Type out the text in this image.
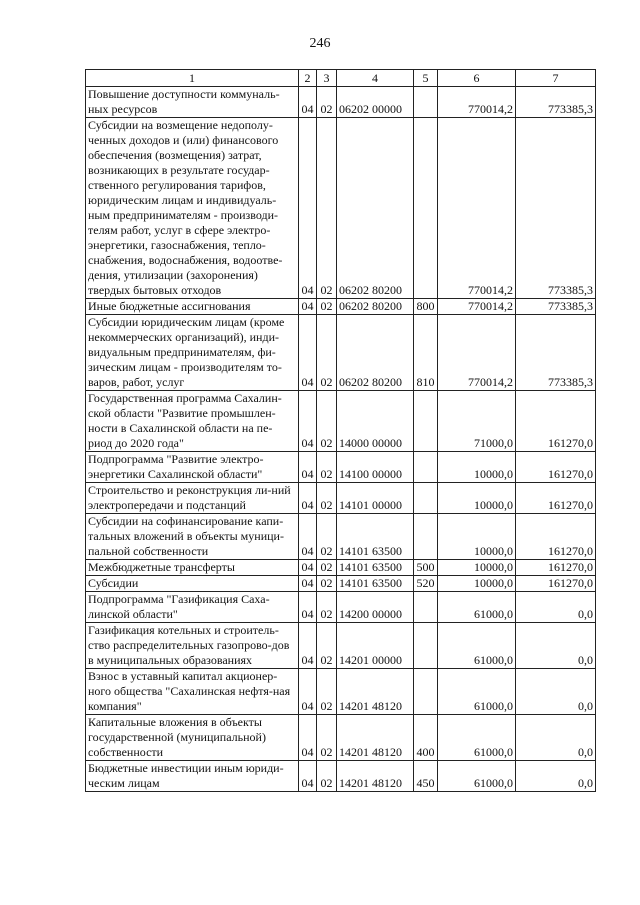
246
1	2	3	4	5	6	7
Повышение доступности коммуналь-ных ресурсов	04	02	06202 00000		770014,2	773385,3
Субсидии на возмещение недополу-ченных доходов и (или) финансового обеспечения (возмещения) затрат, возникающих в результате государ-ственного регулирования тарифов, юридическим лицам и индивидуаль-ным предпринимателям - производи-телям работ, услуг в сфере электро-энергетики, газоснабжения, тепло-снабжения, водоснабжения, водоотве-дения, утилизации (захоронения) твердых бытовых отходов	04	02	06202 80200		770014,2	773385,3
Иные бюджетные ассигнования	04	02	06202 80200	800	770014,2	773385,3
Субсидии юридическим лицам (кроме некоммерческих организаций), инди-видуальным предпринимателям, фи-зическим лицам - производителям то-варов, работ, услуг	04	02	06202 80200	810	770014,2	773385,3
Государственная программа Сахалин-ской области "Развитие промышлен-ности в Сахалинской области на пе-риод до 2020 года"	04	02	14000 00000		71000,0	161270,0
Подпрограмма "Развитие электро-энергетики Сахалинской области"	04	02	14100 00000		10000,0	161270,0
Строительство и реконструкция ли-ний электропередачи и подстанций	04	02	14101 00000		10000,0	161270,0
Субсидии на софинансирование капи-тальных вложений в объекты муници-пальной собственности	04	02	14101 63500		10000,0	161270,0
Межбюджетные трансферты	04	02	14101 63500	500	10000,0	161270,0
Субсидии	04	02	14101 63500	520	10000,0	161270,0
Подпрограмма "Газификация Саха-линской области"	04	02	14200 00000		61000,0	0,0
Газификация котельных и строитель-ство распределительных газопрово-дов в муниципальных образованиях	04	02	14201 00000		61000,0	0,0
Взнос в уставный капитал акционер-ного общества "Сахалинская нефтя-ная компания"	04	02	14201 48120		61000,0	0,0
Капитальные вложения в объекты государственной (муниципальной) собственности	04	02	14201 48120	400	61000,0	0,0
Бюджетные инвестиции иным юриди-ческим лицам	04	02	14201 48120	450	61000,0	0,0
